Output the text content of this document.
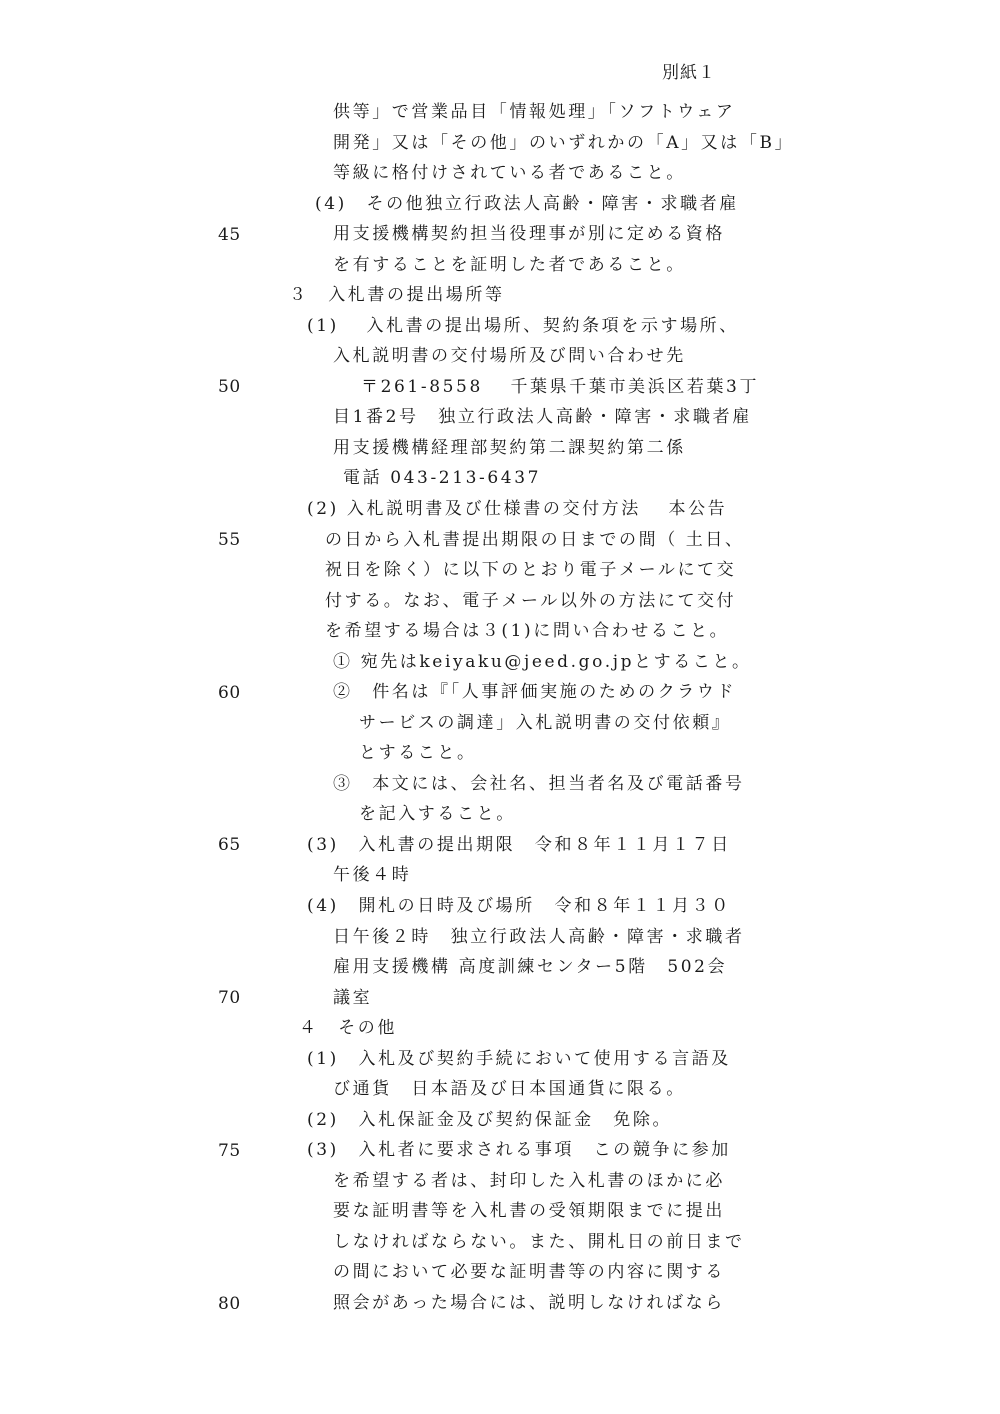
別紙１
45
50
55
60
65
70
75
80
供等」で営業品目「情報処理」「ソフトウェア
開発」又は「その他」のいずれかの「A」又は「B」
等級に格付けされている者であること。
(4)　その他独立行政法人高齢・障害・求職者雇
用支援機構契約担当役理事が別に定める資格
を有することを証明した者であること。
３　入札書の提出場所等
(1)　 入札書の提出場所、契約条項を示す場所、
入札説明書の交付場所及び問い合わせ先
〒261-8558　 千葉県千葉市美浜区若葉3丁
目1番2号　独立行政法人高齢・障害・求職者雇
用支援機構経理部契約第二課契約第二係
電話 043-213-6437
(2) 入札説明書及び仕様書の交付方法　 本公告
の日から入札書提出期限の日までの間（ 土日、
祝日を除く）に以下のとおり電子メールにて交
付する。なお、電子メール以外の方法にて交付
を希望する場合は３(1)に問い合わせること。
① 宛先はkeiyaku@jeed.go.jpとすること。
②　件名は『「人事評価実施のためのクラウド
サービスの調達」入札説明書の交付依頼』
とすること。
③　本文には、会社名、担当者名及び電話番号
を記入すること。
(3)　入札書の提出期限　令和８年１１月１７日
午後４時
(4)　開札の日時及び場所　令和８年１１月３０
日午後２時　独立行政法人高齢・障害・求職者
雇用支援機構 高度訓練センター5階　502会
議室
４　その他
(1)　入札及び契約手続において使用する言語及
び通貨　日本語及び日本国通貨に限る。
(2)　入札保証金及び契約保証金　免除。
(3)　入札者に要求される事項　この競争に参加
を希望する者は、封印した入札書のほかに必
要な証明書等を入札書の受領期限までに提出
しなければならない。また、開札日の前日まで
の間において必要な証明書等の内容に関する
照会があった場合には、説明しなければなら
